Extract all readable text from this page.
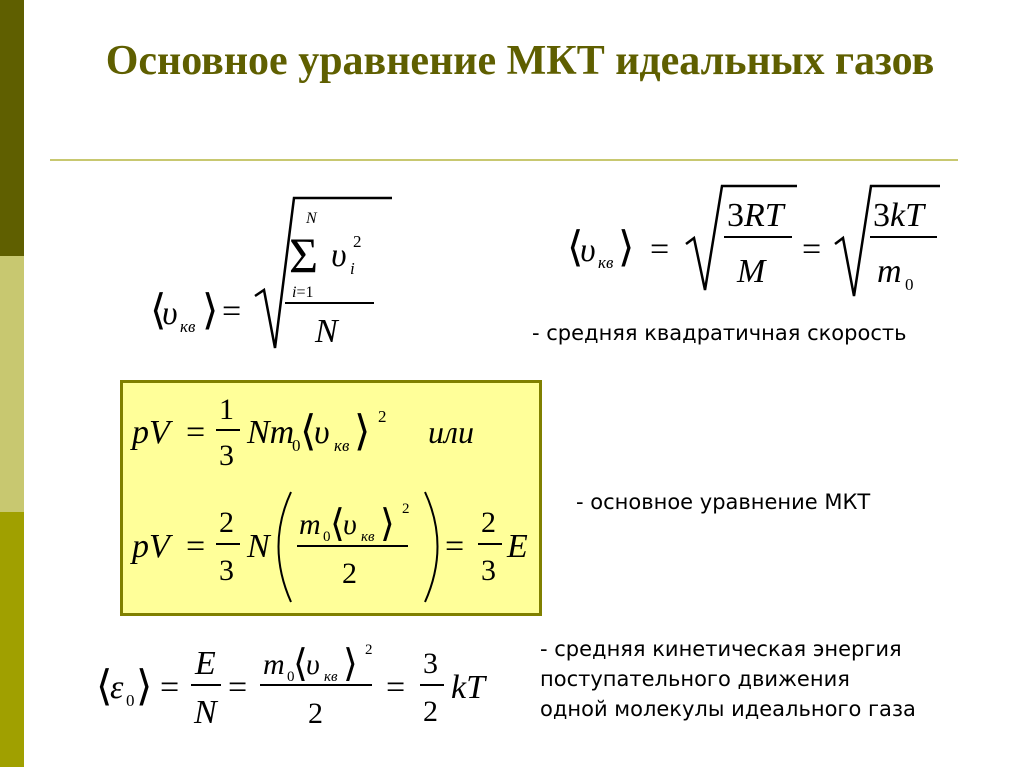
Основное уравнение МКТ идеальных газов
- средняя квадратичная скорость
- основное уравнение МКТ
- средняя кинетическая энергия
поступательного движения
одной молекулы идеального газа
⟨
υ кв ⟩ =
N
Σ υ 2
i
i=1
N
⟨
υ кв ⟩ =
3RT
M
=
3kT
m 0
pV =
1
3
Nm
0 ⟨
υ кв ⟩ 2 или
pV =
2
3
N
m 0 ⟨
υ кв ⟩ 2
2
=
2
3
E
⟨
ε 0 ⟩ =
E
N
=
m 0
⟨
υ кв ⟩ 2
2
=
3
2
kT
